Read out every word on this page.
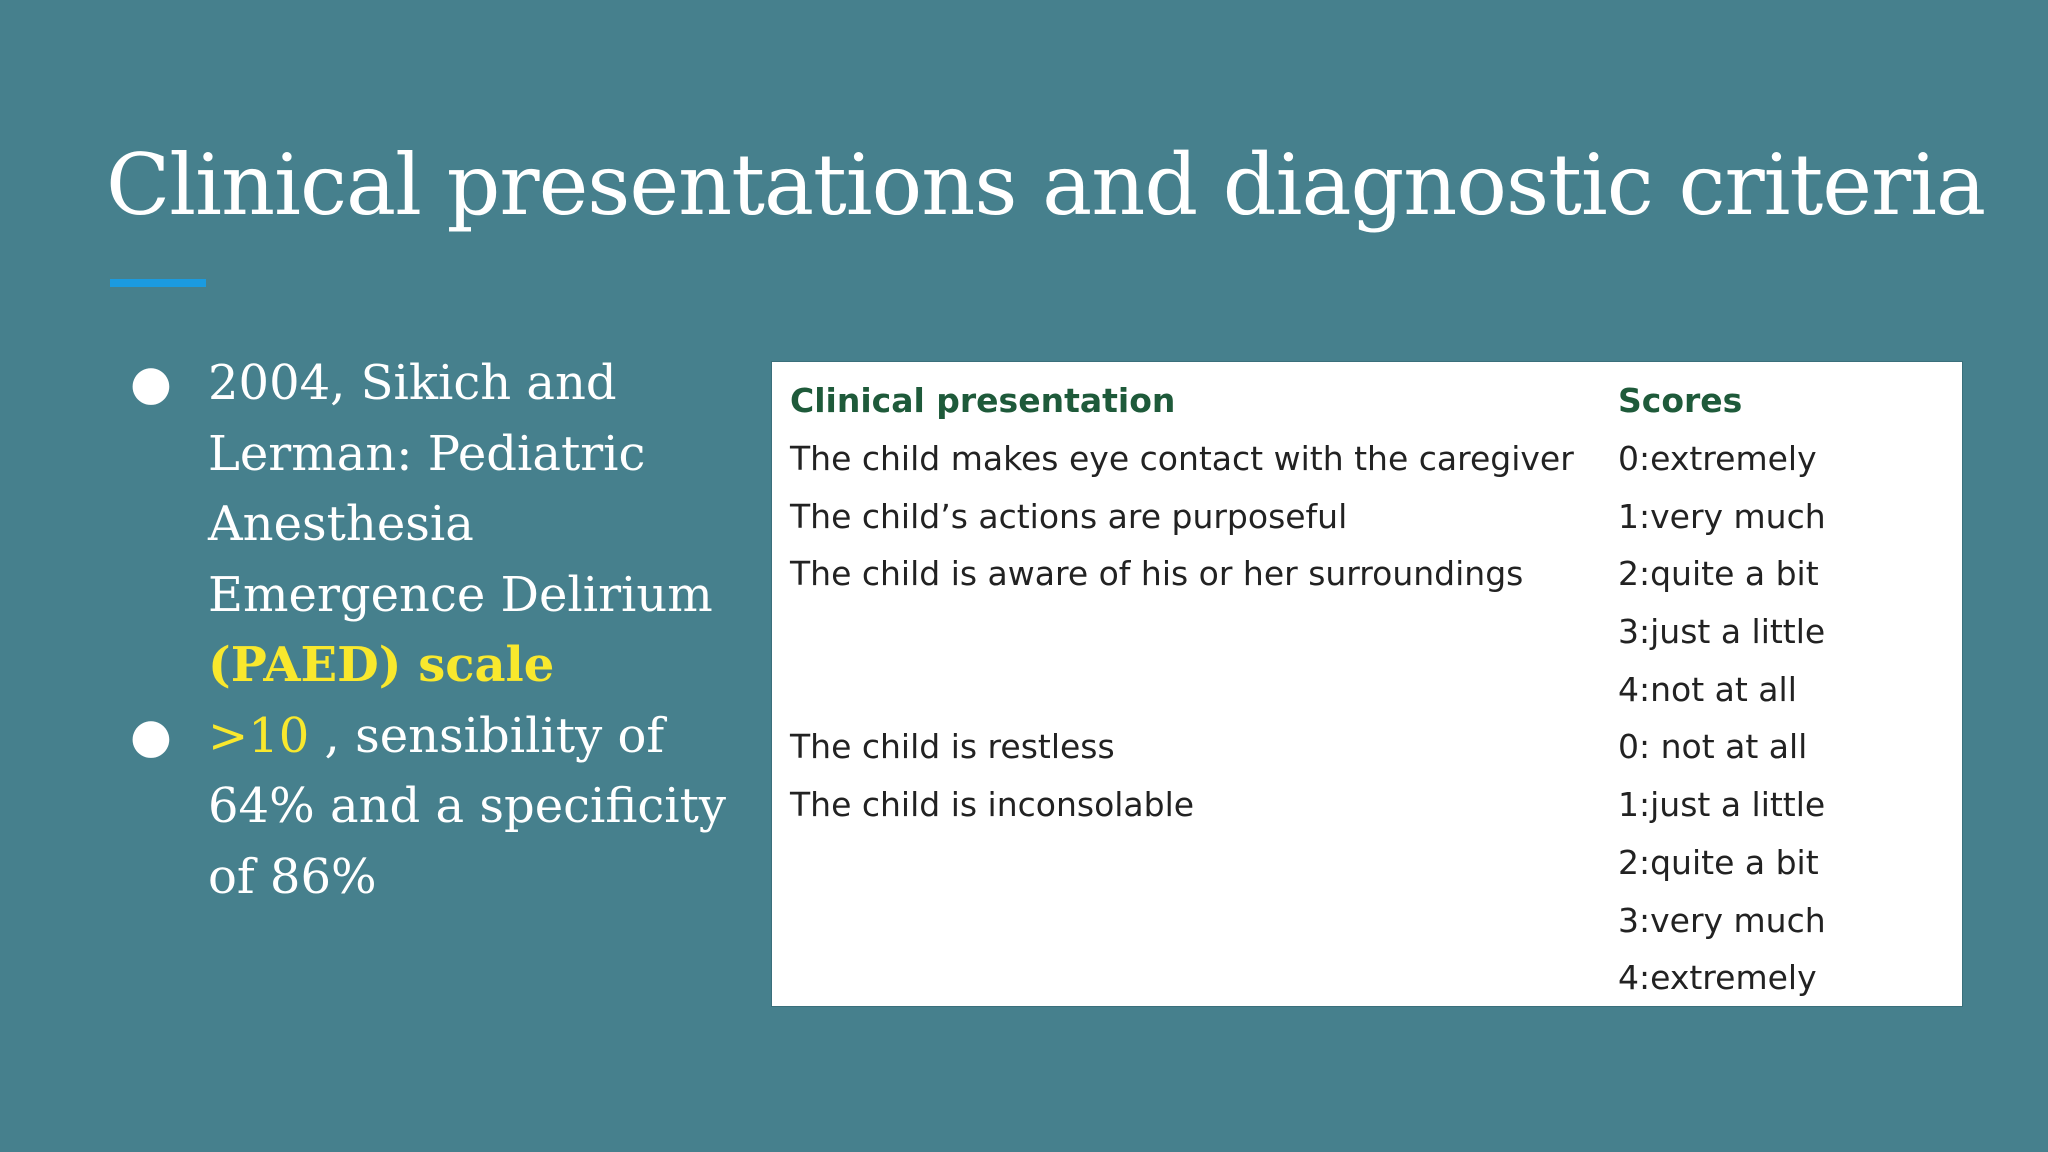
Clinical presentations and diagnostic criteria
● 2004, Sikich and Lerman: Pediatric Anesthesia Emergence Delirium (PAED) scale
● >10 , sensibility of 64% and a specificity of 86%
Clinical presentation	Scores
The child makes eye contact with the caregiver	0:extremely
The child’s actions are purposeful	1:very much
The child is aware of his or her surroundings	2:quite a bit
	3:just a little
	4:not at all
The child is restless	0: not at all
The child is inconsolable	1:just a little
	2:quite a bit
	3:very much
	4:extremely
